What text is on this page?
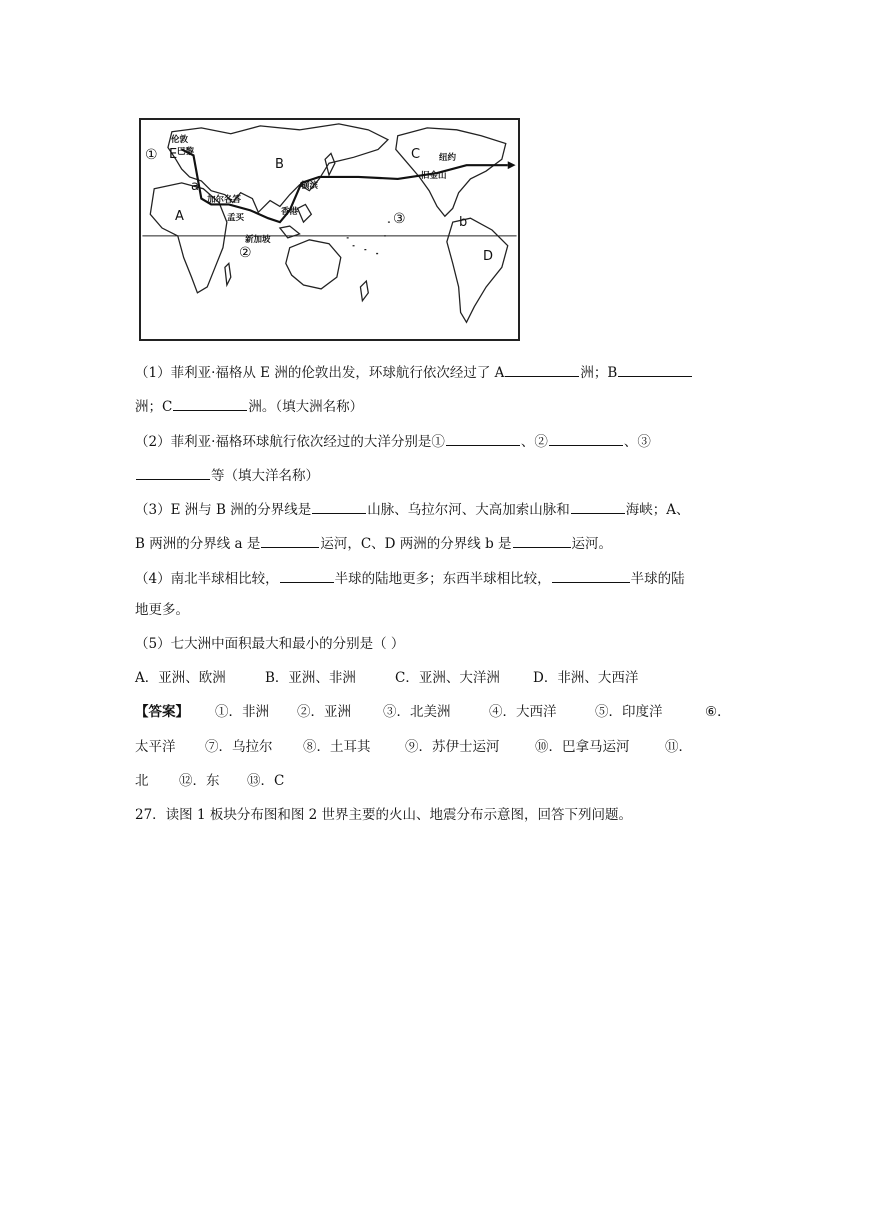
① E
伦敦
巴黎
B
C 纽约
旧金山
a
加尔各答
横滨
A	孟买
香港	③	b
新加坡
②	D
（1）菲利亚·福格从 E 洲的伦敦出发，环球航行依次经过了 A	洲；B
洲；C	洲。（填大洲名称）
（2）菲利亚·福格环球航行依次经过的大洋分别是①	、②	、③
等（填大洋名称）
（3）E 洲与 B 洲的分界线是	山脉、乌拉尔河、大高加索山脉和	海峡；A、
B 两洲的分界线 a 是	运河，C、D 两洲的分界线 b 是	运河。
（4）南北半球相比较，	半球的陆地更多；东西半球相比较，	半球的陆
地更多。
（5）七大洲中面积最大和最小的分别是（ ）
A．亚洲、欧洲	B．亚洲、非洲	C．亚洲、大洋洲 D．非洲、大西洋
【答案】 ①．非洲 ②．亚洲 ③．北美洲	④．大西洋	⑤．印度洋	⑥．
太平洋 ⑦．乌拉尔 ⑧．土耳其	⑨．苏伊士运河	⑩．巴拿马运河	⑪．
北 ⑫．东 ⑬．C
27．读图 1 板块分布图和图 2 世界主要的火山、地震分布示意图，回答下列问题。
